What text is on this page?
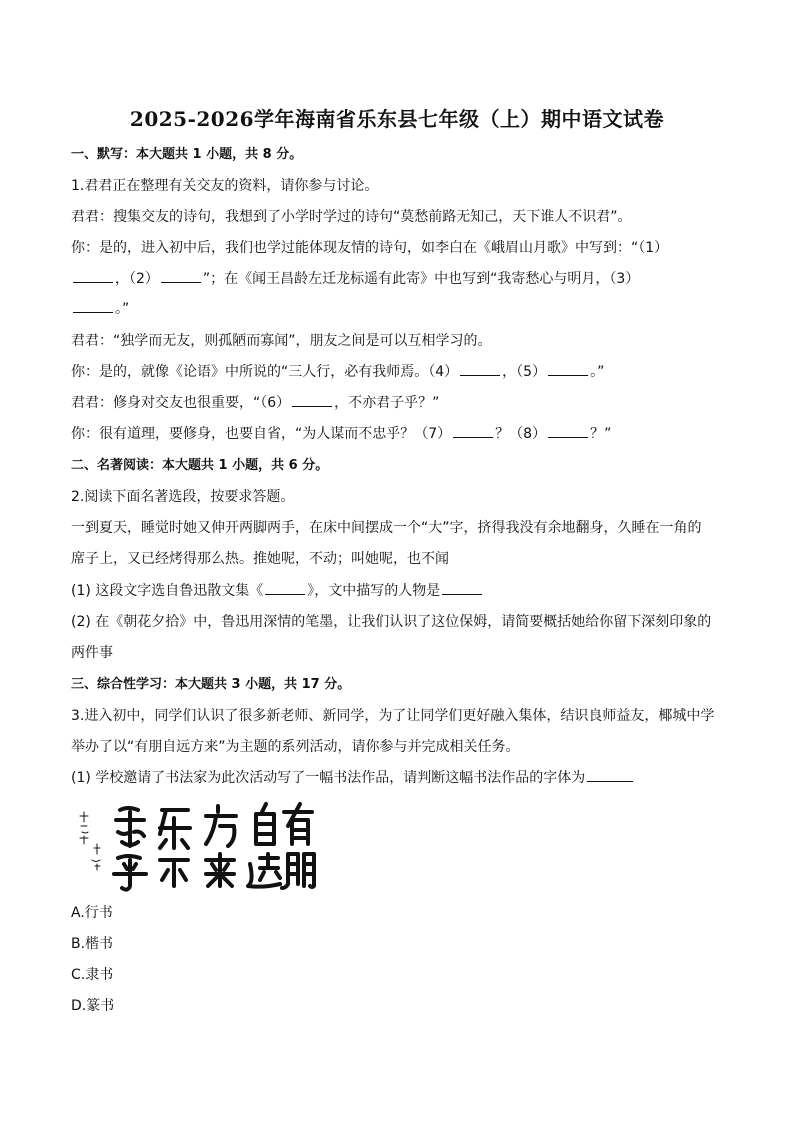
2025-2026学年海南省乐东县七年级（上）期中语文试卷
一、默写：本大题共 1 小题，共 8 分。
1.君君正在整理有关交友的资料，请你参与讨论。
君君：搜集交友的诗句，我想到了小学时学过的诗句“莫愁前路无知己，天下谁人不识君”。
你：是的，进入初中后，我们也学过能体现友情的诗句，如李白在《峨眉山月歌》中写到：“（1）
，（2）	”；在《闻王昌龄左迁龙标遥有此寄》中也写到“我寄愁心与明月，（3）
。”
君君：“独学而无友，则孤陋而寡闻”，朋友之间是可以互相学习的。
你：是的，就像《论语》中所说的“三人行，必有我师焉。（4）	，（5）	。”
君君：修身对交友也很重要，“（6）	，不亦君子乎？”
你：很有道理，要修身，也要自省，“为人谋而不忠乎？（7）	？（8）	？”
二、名著阅读：本大题共 1 小题，共 6 分。
2.阅读下面名著选段，按要求答题。
一到夏天，睡觉时她又伸开两脚两手，在床中间摆成一个“大”字，挤得我没有余地翻身，久睡在一角的
席子上，又已经烤得那么热。推她呢，不动；叫她呢，也不闻
(1) 这段文字选自鲁迅散文集《	》，文中描写的人物是
(2) 在《朝花夕拾》中，鲁迅用深情的笔墨，让我们认识了这位保姆，请简要概括她给你留下深刻印象的
两件事
三、综合性学习：本大题共 3 小题，共 17 分。
3.进入初中，同学们认识了很多新老师、新同学，为了让同学们更好融入集体，结识良师益友，椰城中学
举办了以“有朋自远方来”为主题的系列活动，请你参与并完成相关任务。
(1) 学校邀请了书法家为此次活动写了一幅书法作品，请判断这幅书法作品的字体为
A.行书
B.楷书
C.隶书
D.篆书
